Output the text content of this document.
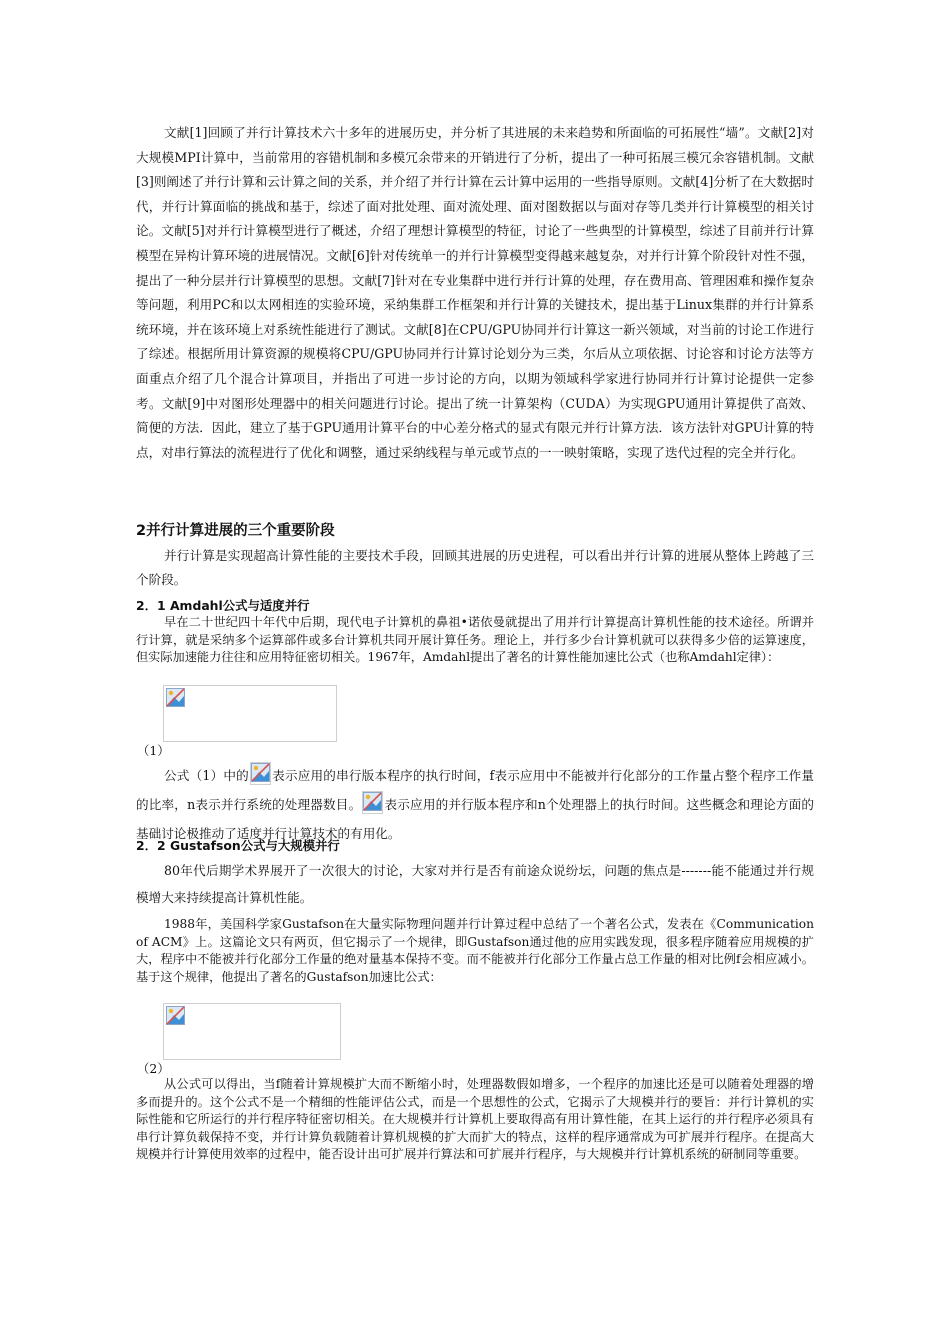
文献[1]回顾了并行计算技术六十多年的进展历史，并分析了其进展的未来趋势和所面临的可拓展性“墙”。文献[2]对大规模MPI计算中，当前常用的容错机制和多模冗余带来的开销进行了分析，提出了一种可拓展三模冗余容错机制。文献[3]则阐述了并行计算和云计算之间的关系，并介绍了并行计算在云计算中运用的一些指导原则。文献[4]分析了在大数据时代，并行计算面临的挑战和基于，综述了面对批处理、面对流处理、面对图数据以与面对存等几类并行计算模型的相关讨论。文献[5]对并行计算模型进行了概述，介绍了理想计算模型的特征，讨论了一些典型的计算模型，综述了目前并行计算模型在异构计算环境的进展情况。文献[6]针对传统单一的并行计算模型变得越来越复杂，对并行计算个阶段针对性不强，提出了一种分层并行计算模型的思想。文献[7]针对在专业集群中进行并行计算的处理，存在费用高、管理困难和操作复杂等问题，利用PC和以太网相连的实验环境，采纳集群工作框架和并行计算的关键技术，提出基于Linux集群的并行计算系统环境，并在该环境上对系统性能进行了测试。文献[8]在CPU/GPU协同并行计算这一新兴领域，对当前的讨论工作进行了综述。根据所用计算资源的规模将CPU/GPU协同并行计算讨论划分为三类，尔后从立项依据、讨论容和讨论方法等方面重点介绍了几个混合计算项目，并指出了可进一步讨论的方向，以期为领域科学家进行协同并行计算讨论提供一定参考。文献[9]中对图形处理器中的相关问题进行讨论。提出了统一计算架构（CUDA）为实现GPU通用计算提供了高效、简便的方法．因此，建立了基于GPU通用计算平台的中心差分格式的显式有限元并行计算方法．该方法针对GPU计算的特点，对串行算法的流程进行了优化和调整，通过采纳线程与单元或节点的一一映射策略，实现了迭代过程的完全并行化。
2并行计算进展的三个重要阶段
并行计算是实现超高计算性能的主要技术手段，回顾其进展的历史进程，可以看出并行计算的进展从整体上跨越了三个阶段。
2．1 Amdahl公式与适度并行
早在二十世纪四十年代中后期，现代电子计算机的鼻祖•诺依曼就提出了用并行计算提高计算机性能的技术途径。所谓并行计算，就是采纳多个运算部件或多台计算机共同开展计算任务。理论上，并行多少台计算机就可以获得多少倍的运算速度，但实际加速能力往往和应用特征密切相关。1967年，Amdahl提出了著名的计算性能加速比公式（也称Amdahl定律）：
（1）
公式（1）中的 表示应用的串行版本程序的执行时间，f表示应用中不能被并行化部分的工作量占整个程序工作量的比率，n表示并行系统的处理器数目。 表示应用的并行版本程序和n个处理器上的执行时间。这些概念和理论方面的基础讨论极推动了适度并行计算技术的有用化。
2．2 Gustafson公式与大规模并行
80年代后期学术界展开了一次很大的讨论，大家对并行是否有前途众说纷坛，问题的焦点是-------能不能通过并行规模增大来持续提高计算机性能。
1988年，美国科学家Gustafson在大量实际物理问题并行计算过程中总结了一个著名公式，发表在《Communication of ACM》上。这篇论文只有两页，但它揭示了一个规律，即Gustafson通过他的应用实践发现，很多程序随着应用规模的扩大，程序中不能被并行化部分工作量的绝对量基本保持不变。而不能被并行化部分工作量占总工作量的相对比例f会相应减小。基于这个规律，他提出了著名的Gustafson加速比公式：
（2）
从公式可以得出，当f随着计算规模扩大而不断缩小时，处理器数假如增多，一个程序的加速比还是可以随着处理器的增多而提升的。这个公式不是一个精细的性能评估公式，而是一个思想性的公式，它揭示了大规模并行的要旨：并行计算机的实际性能和它所运行的并行程序特征密切相关。在大规模并行计算机上要取得高有用计算性能，在其上运行的并行程序必须具有串行计算负载保持不变，并行计算负载随着计算机规模的扩大而扩大的特点，这样的程序通常成为可扩展并行程序。在提高大规模并行计算使用效率的过程中，能否设计出可扩展并行算法和可扩展并行程序，与大规模并行计算机系统的研制同等重要。
